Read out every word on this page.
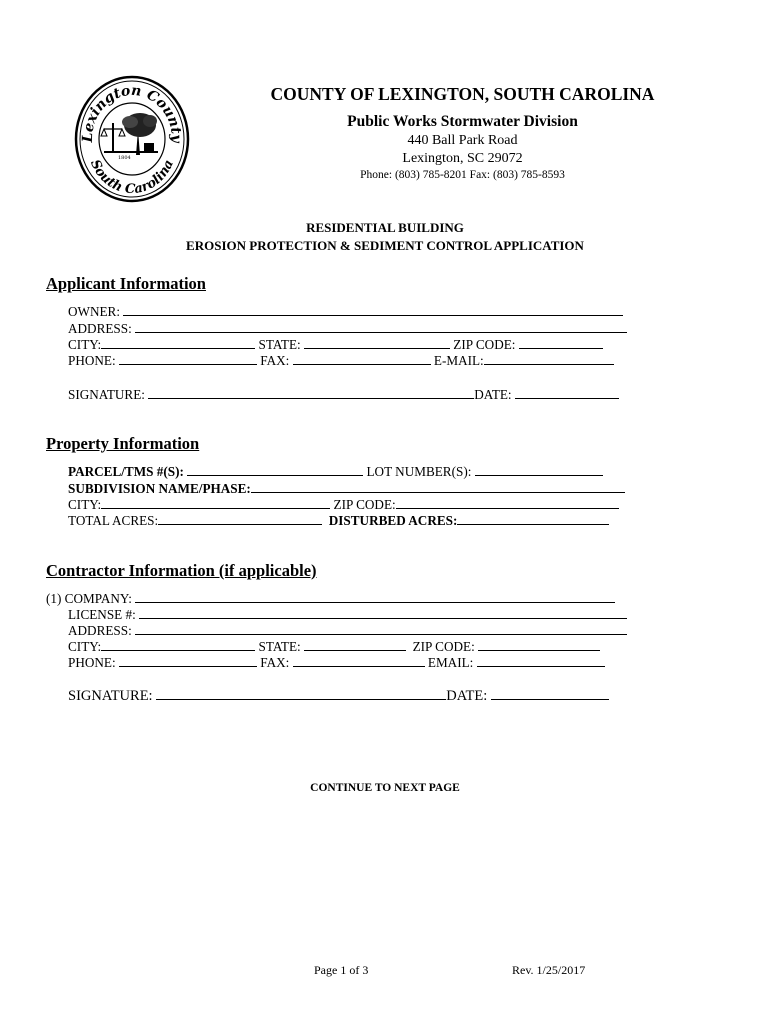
Lexington County
South Carolina
1804
COUNTY OF LEXINGTON, SOUTH CAROLINA
Public Works Stormwater Division
440 Ball Park Road
Lexington, SC 29072
Phone: (803) 785-8201 Fax: (803) 785-8593
RESIDENTIAL BUILDING
EROSION PROTECTION & SEDIMENT CONTROL APPLICATION
Applicant Information
OWNER:
ADDRESS:
CITY:	STATE:	ZIP CODE:
PHONE:	FAX:	E-MAIL:
SIGNATURE:	DATE:
Property Information
PARCEL/TMS #(S):	LOT NUMBER(S):
SUBDIVISION NAME/PHASE:
CITY:	ZIP CODE:
TOTAL ACRES:	DISTURBED ACRES:
Contractor Information (if applicable)
(1) COMPANY:
LICENSE #:
ADDRESS:
CITY:	STATE:	ZIP CODE:
PHONE:	FAX:	EMAIL:
SIGNATURE:	DATE:
CONTINUE TO NEXT PAGE
Page 1 of 3	Rev. 1/25/2017
